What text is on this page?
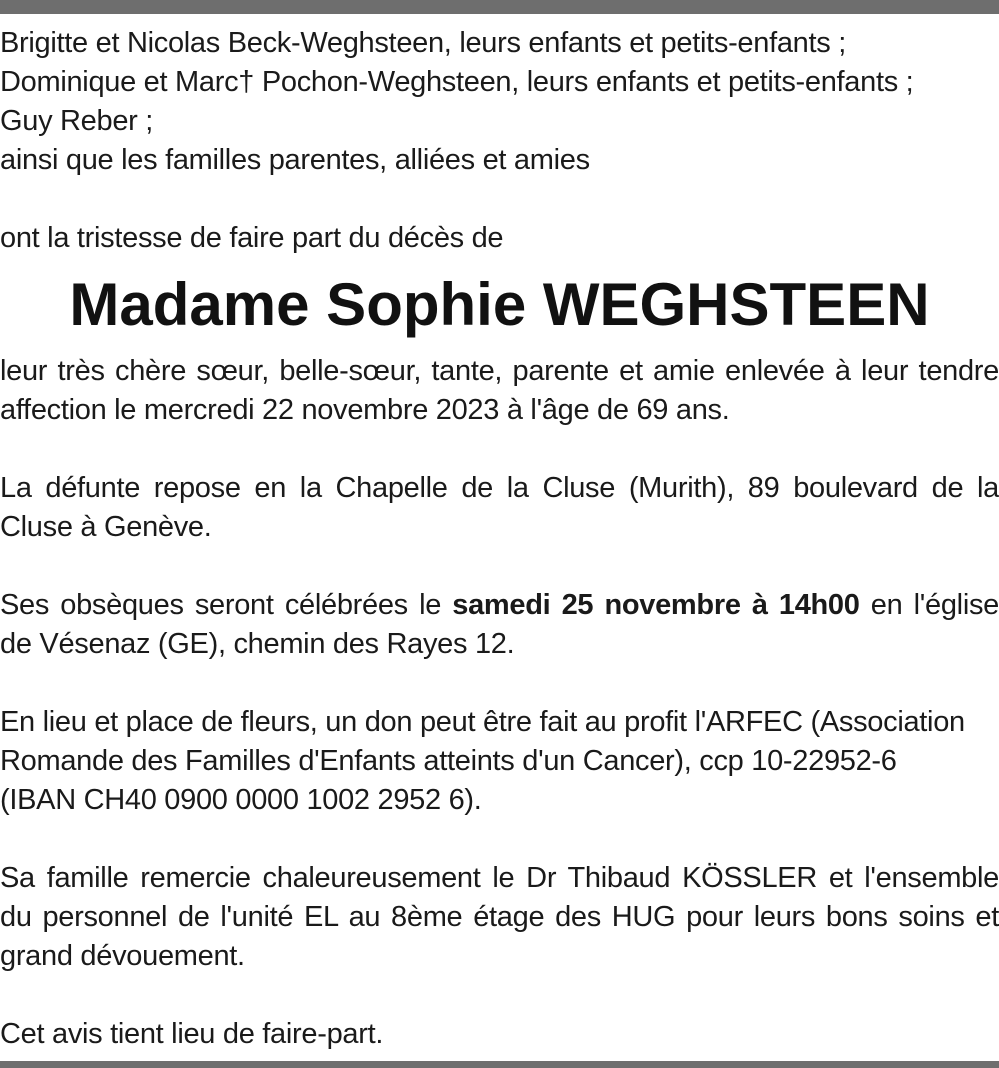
Brigitte et Nicolas Beck-Weghsteen, leurs enfants et petits-enfants ;
Dominique et Marc† Pochon-Weghsteen, leurs enfants et petits-enfants ;
Guy Reber ;
ainsi que les familles parentes, alliées et amies
ont la tristesse de faire part du décès de
Madame Sophie WEGHSTEEN

leur très chère sœur, belle-sœur, tante, parente et amie enlevée à leur tendre affection le mercredi 22 novembre 2023 à l'âge de 69 ans.

La défunte repose en la Chapelle de la Cluse (Murith), 89 boulevard de la Cluse à Genève.

Ses obsèques seront célébrées le samedi 25 novembre à 14h00 en l'église de Vésenaz (GE), chemin des Rayes 12.

En lieu et place de fleurs, un don peut être fait au profit l'ARFEC (Association
Romande des Familles d'Enfants atteints d'un Cancer), ccp 10-22952-6
(IBAN CH40 0900 0000 1002 2952 6).

Sa famille remercie chaleureusement le Dr Thibaud KÖSSLER et l'ensemble du personnel de l'unité EL au 8ème étage des HUG pour leurs bons soins et grand dévouement.

Cet avis tient lieu de faire-part.
